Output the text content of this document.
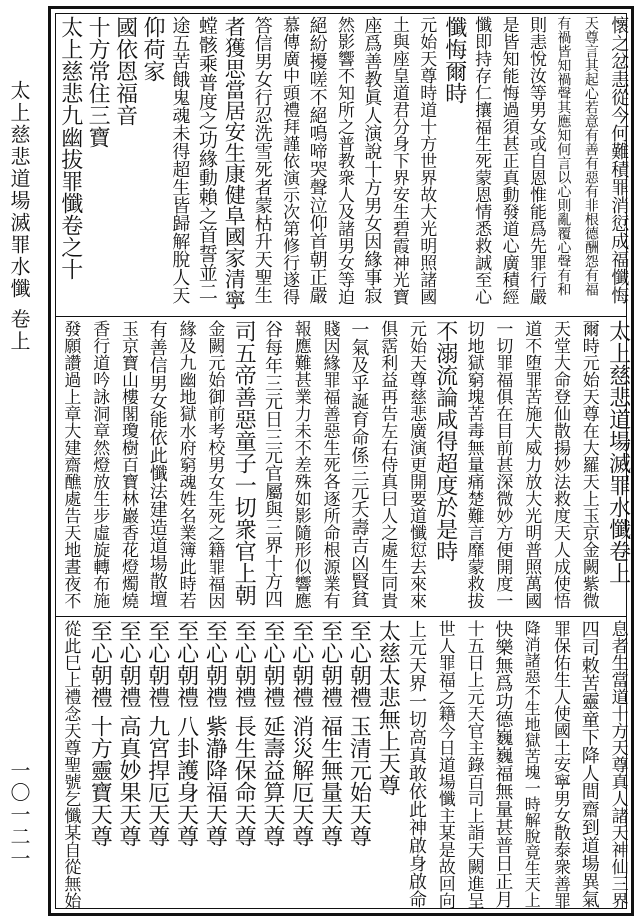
太上慈悲道場滅罪水懺 卷上
一〇一二一
懷之忿恚從今何難積罪消愆成福懺悔
天尊言其起心若意有善有惡有非根德酬怨有福
有禍皆知禍聲其應知何言以心則亂覆心聲有和
則恚悅汝等男女或自恩惟能爲先罪行嚴
是皆知能悔過須甚正真動發道心廣積經
懺即持存仁攘福生死蒙恩情悉救誠至心
懺悔爾時
元始天尊時道十方世界故大光明照諸國
土與座皇道君分身下界安生碧霞神光寶
座爲善教眞人演說十方男女因緣事寂
然影響不知所之普教衆人及諸男女等迫
絕紛擾嗟不絕鳴啼哭聲泣仰首朝正嚴
慕傳廣中頭禮拜謹依演示次第修行遂得
答信男女行忍洗雪死者蒙枯升天聖生
者獲思當居安生康健阜國家清寧
螳骸乘普度之功緣動賴之首誓並二
途五苦餓鬼魂未得超生皆歸解脫人天
仰荷家
國依恩福音
十方常住三寶
太上慈悲九幽拔罪懺卷之十
太上慈悲道場滅罪水懺卷上
爾時元始天尊在大羅天上玉京金闕紫微
天堂大命登仙散揚妙法救度天人成使悟
道不堕罪苦施大威力放大光明普照萬國
一切罪福俱在目前甚深微妙方便開度一
切地獄窮塊苦毒無量痛楚難言靡蒙救拔
不溺流論咸得超度於是時
元始天尊慈悲廣演更開要道懺愆去來來
俱霑利益再告左右侍真曰人之處生同貴
一氣及乎誕育命係三元夭壽吉凶賢貧
賤因緣罪福善惡生死各逐所命根源業有
報應難甚業力未不差殊如影隨形似響應
谷每年三元日三元官屬與三界十方四
司五帝善惡童子一切衆官上朝
金闕元始御前考校男女生死之籍罪福因
緣及九幽地獄水府窮魂姓名業簿此時若
有善信男女能依此懺法建造道場散壇
玉京寶山樓閣瓊樹百寶林巖香花燈燭燒
香行道吟詠洞章然燈放生步虛旋轉布施
發願讚過上章大建齋醮處告天地晝夜不
息者生當道十方天尊真人諸天神仙三界
四司敕苦靈童下降人間齋到道場異氣
罪保佑生人使國土安寧男女散泰衆善罪
降消諸惡不生地獄苦塊一時解脫竟生天上
快樂無爲功德巍巍福無量甚普日正月
十五日上元天官主錄百司上詣天闕進呈
世人罪福之籍今日道場懺主某是故回向
上元天界一切高真敢依此神啟身啟命
太慈太悲無上天尊
至心朝禮 玉清元始天尊
至心朝禮 福生無量天尊
至心朝禮 消災解厄天尊
至心朝禮 延壽益算天尊
至心朝禮 長生保命天尊
至心朝禮 紫瀞降福天尊
至心朝禮 八卦護身天尊
至心朝禮 九宮捍厄天尊
至心朝禮 高真妙果天尊
至心朝禮 十方靈寶天尊
從此巳上禮念天尊聖號乞懺某自從無始
